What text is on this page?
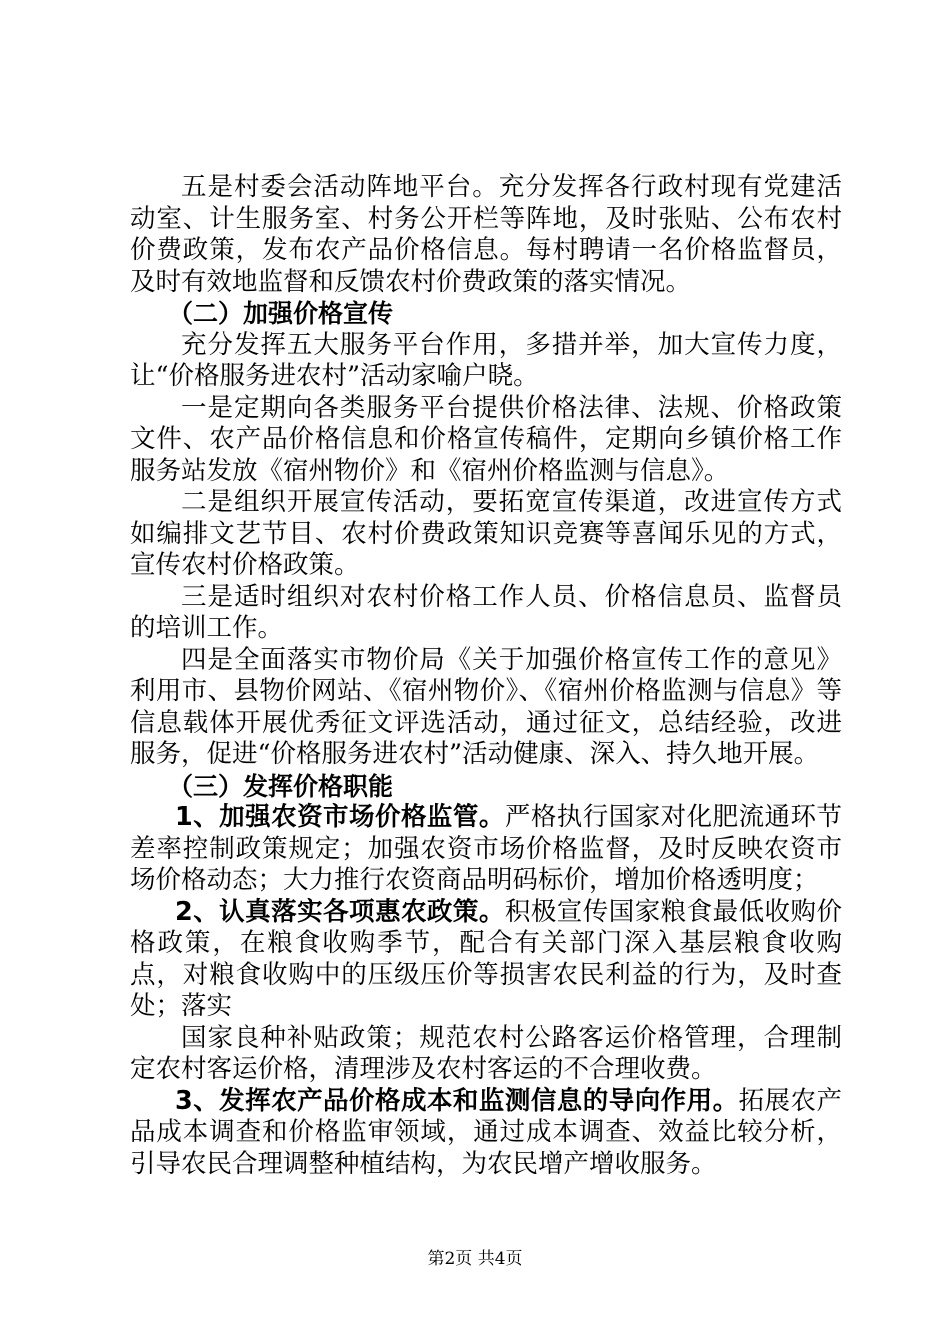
五是村委会活动阵地平台。充分发挥各行政村现有党建活动室、计生服务室、村务公开栏等阵地，及时张贴、公布农村价费政策，发布农产品价格信息。每村聘请一名价格监督员，及时有效地监督和反馈农村价费政策的落实情况。

（二）加强价格宣传

充分发挥五大服务平台作用，多措并举，加大宣传力度，让“价格服务进农村”活动家喻户晓。

一是定期向各类服务平台提供价格法律、法规、价格政策文件、农产品价格信息和价格宣传稿件，定期向乡镇价格工作服务站发放《宿州物价》和《宿州价格监测与信息》。

二是组织开展宣传活动，要拓宽宣传渠道，改进宣传方式如编排文艺节目、农村价费政策知识竞赛等喜闻乐见的方式，宣传农村价格政策。

三是适时组织对农村价格工作人员、价格信息员、监督员的培训工作。

四是全面落实市物价局《关于加强价格宣传工作的意见》利用市、县物价网站、《宿州物价》、《宿州价格监测与信息》等信息载体开展优秀征文评选活动，通过征文，总结经验，改进服务，促进“价格服务进农村”活动健康、深入、持久地开展。

（三）发挥价格职能

1、加强农资市场价格监管。严格执行国家对化肥流通环节差率控制政策规定；加强农资市场价格监督，及时反映农资市场价格动态；大力推行农资商品明码标价，增加价格透明度；

2、认真落实各项惠农政策。积极宣传国家粮食最低收购价格政策，在粮食收购季节，配合有关部门深入基层粮食收购点，对粮食收购中的压级压价等损害农民利益的行为，及时查处；落实

国家良种补贴政策；规范农村公路客运价格管理，合理制定农村客运价格，清理涉及农村客运的不合理收费。

3、发挥农产品价格成本和监测信息的导向作用。拓展农产品成本调查和价格监审领域，通过成本调查、效益比较分析，引导农民合理调整种植结构，为农民增产增收服务。

第2页 共4页
